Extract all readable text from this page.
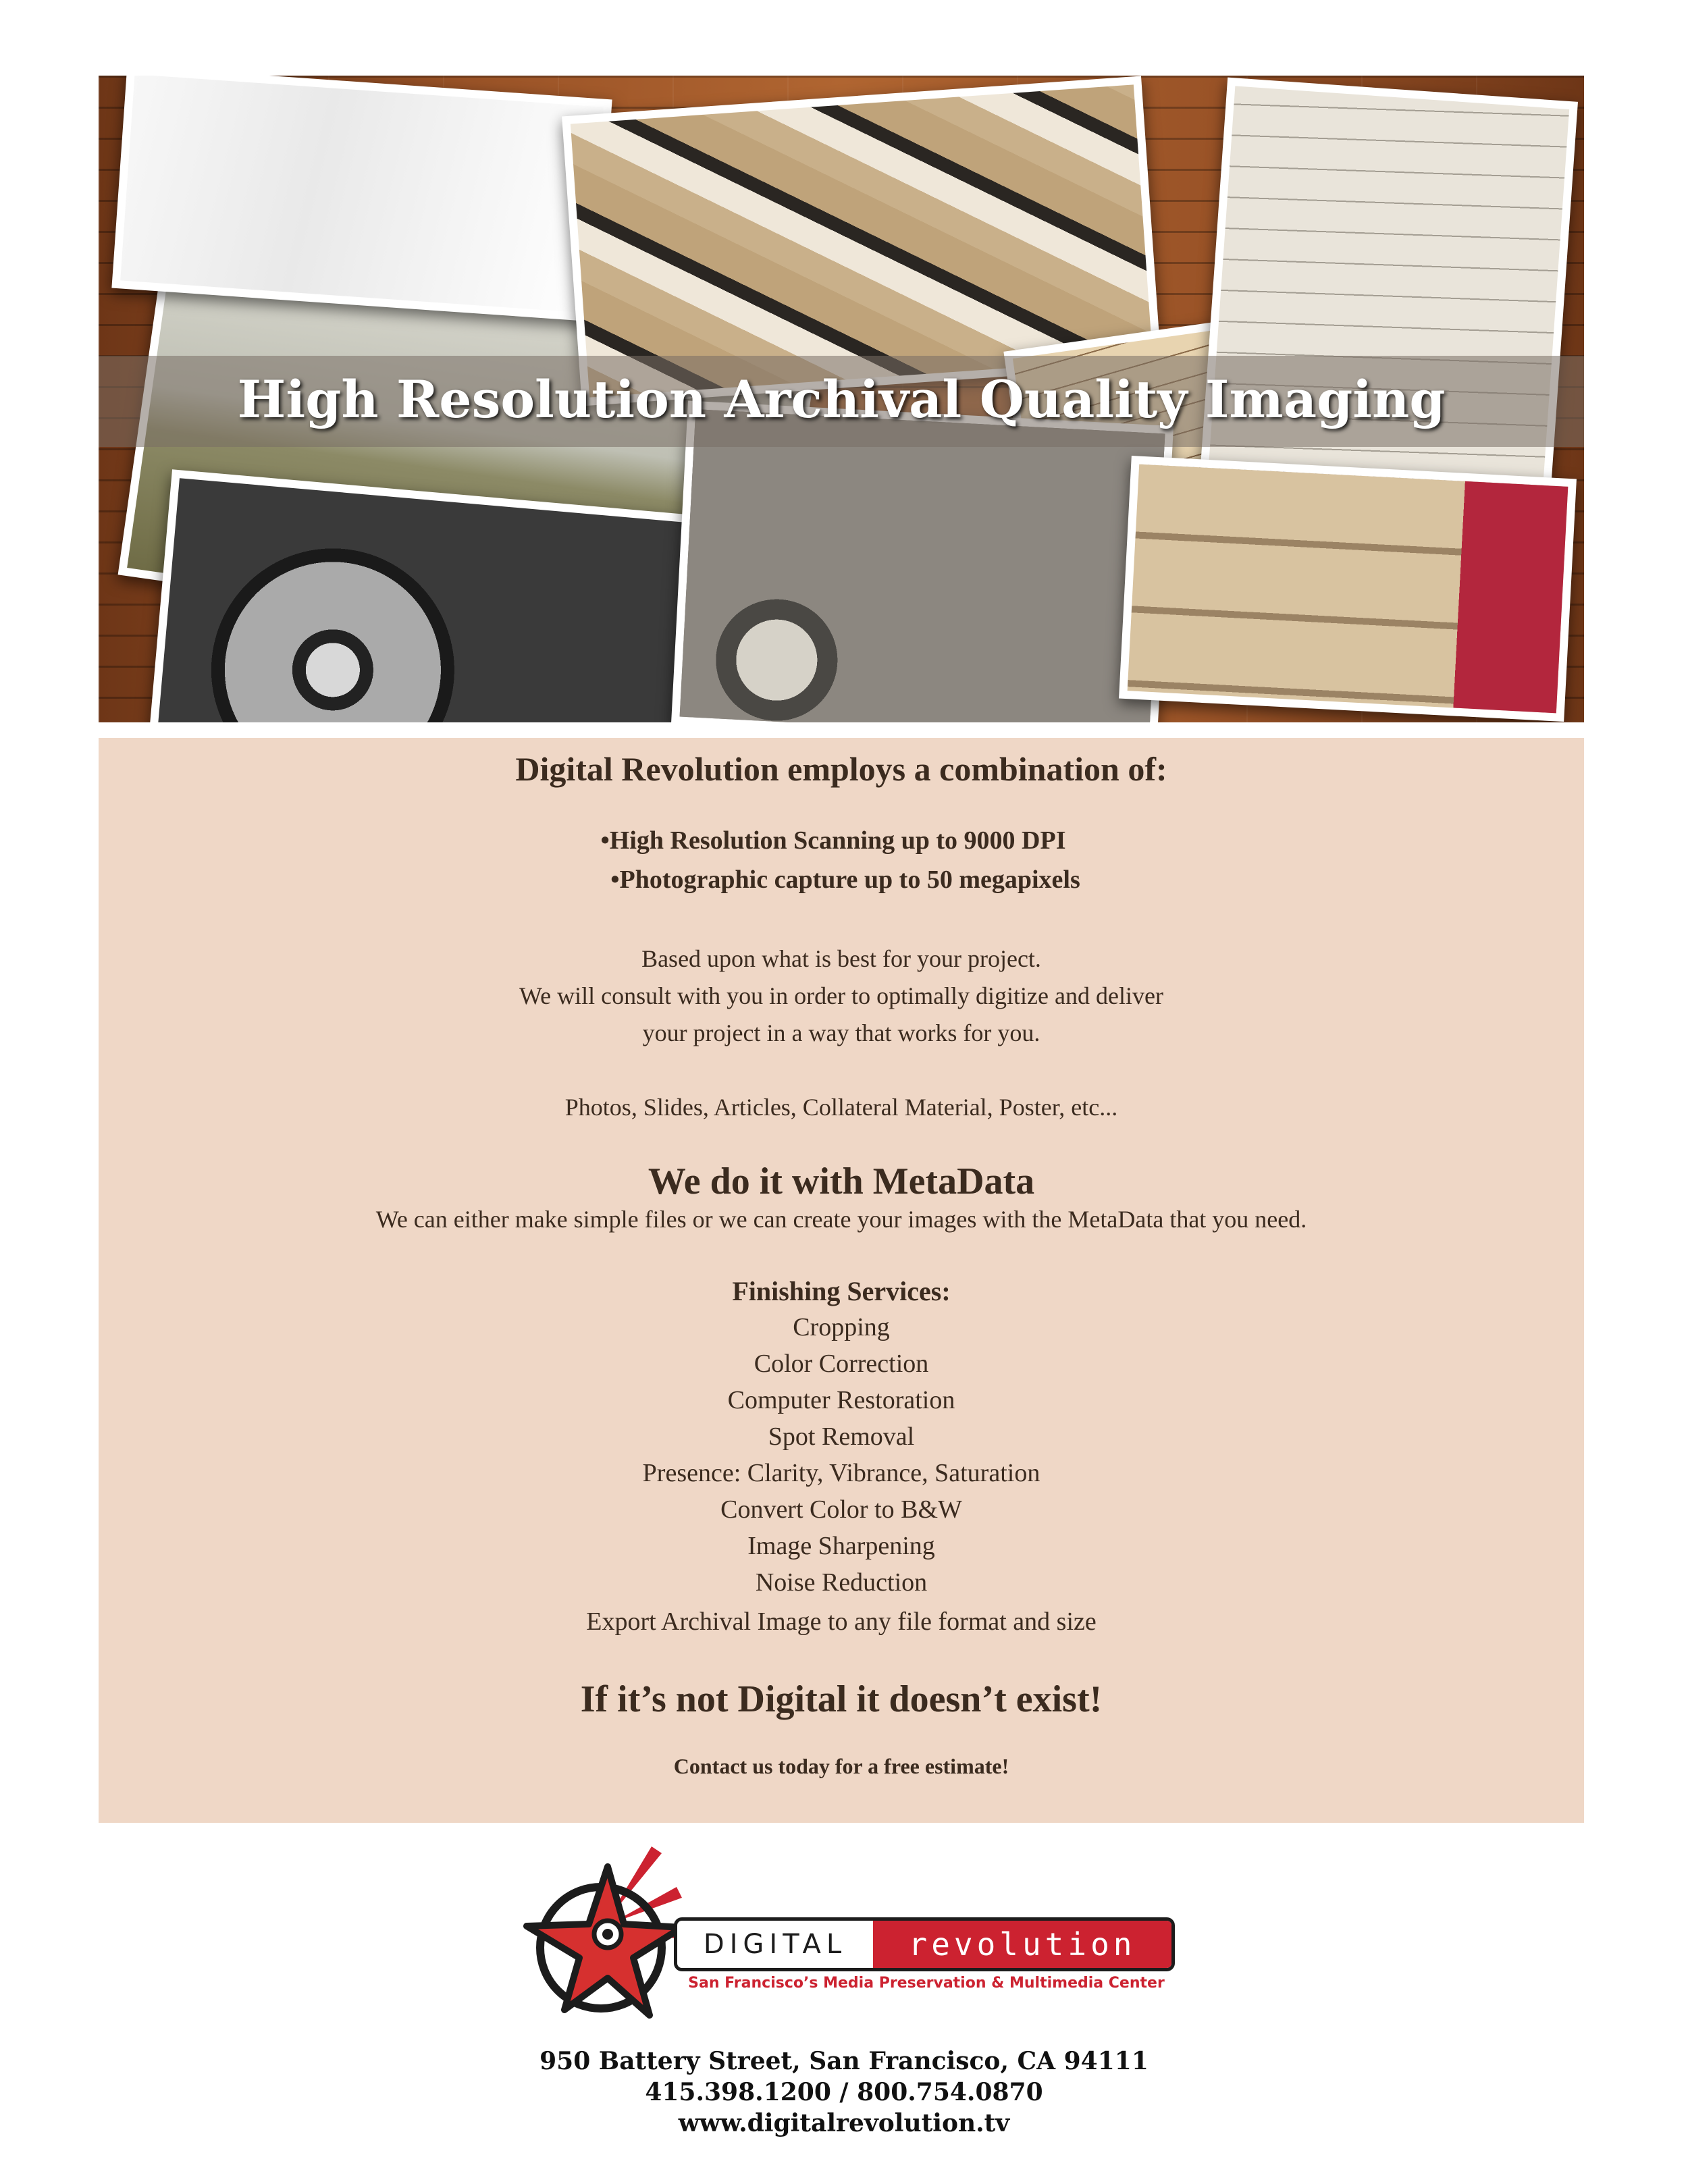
High Resolution Archival Quality Imaging
Digital Revolution employs a combination of:
•High Resolution Scanning up to 9000 DPI
•Photographic capture up to 50 megapixels
Based upon what is best for your project.
We will consult with you in order to optimally digitize and deliver
your project in a way that works for you.
Photos, Slides, Articles, Collateral Material, Poster, etc...
We do it with MetaData
We can either make simple files or we can create your images with the MetaData that you need.
Finishing Services:
Cropping
Color Correction
Computer Restoration
Spot Removal
Presence: Clarity, Vibrance, Saturation
Convert Color to B&W
Image Sharpening
Noise Reduction
Export Archival Image to any file format and size
If it’s not Digital it doesn’t exist!
Contact us today for a free estimate!
DIGITAL	revolution
San Francisco’s Media Preservation & Multimedia Center
950 Battery Street, San Francisco, CA 94111
415.398.1200 / 800.754.0870
www.digitalrevolution.tv
